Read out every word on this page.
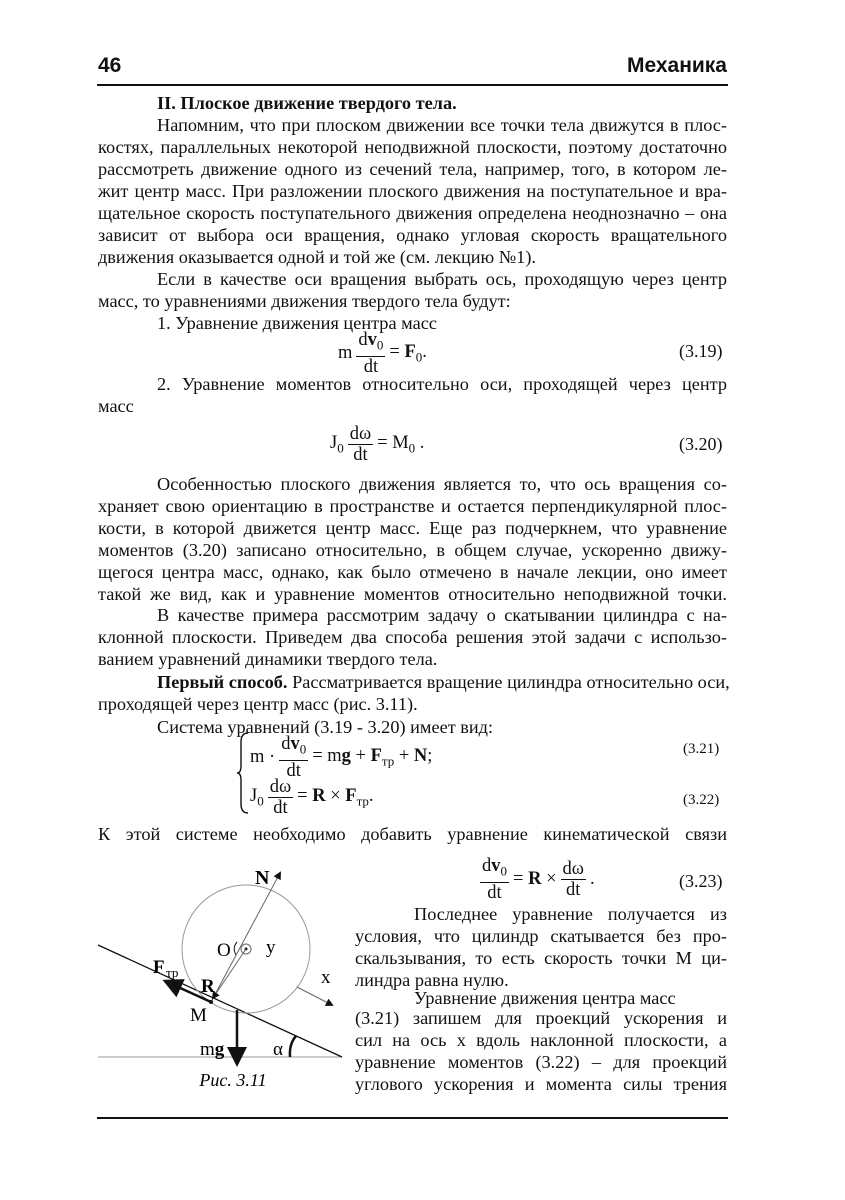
46	Механика
II. Плоское движение твердого тела.
Напомним, что при плоском движении все точки тела движутся в плос-
костях, параллельных некоторой неподвижной плоскости, поэтому достаточно
рассмотреть движение одного из сечений тела, например, того, в котором ле-
жит центр масс. При разложении плоского движения на поступательное и вра-
щательное скорость поступательного движения определена неоднозначно – она
зависит от выбора оси вращения, однако угловая скорость вращательного
движения оказывается одной и той же (см. лекцию №1).
Если в качестве оси вращения выбрать ось, проходящую через центр
масс, то уравнениями движения твердого тела будут:
1. Уравнение движения центра масс
2. Уравнение моментов относительно оси, проходящей через центр
масс
Особенностью плоского движения является то, что ось вращения со-
храняет свою ориентацию в пространстве и остается перпендикулярной плос-
кости, в которой движется центр масс. Еще раз подчеркнем, что уравнение
моментов (3.20) записано относительно, в общем случае, ускоренно движу-
щегося центра масс, однако, как было отмечено в начале лекции, оно имеет
такой же вид, как и уравнение моментов относительно неподвижной точки.
В качестве примера рассмотрим задачу о скатывании цилиндра с на-
клонной плоскости. Приведем два способа решения этой задачи с использо-
ванием уравнений динамики твердого тела.
Первый способ. Рассматривается вращение цилиндра относительно оси,
проходящей через центр масс (рис. 3.11).
Система уравнений (3.19 - 3.20) имеет вид:
К этой системе необходимо добавить уравнение кинематической связи
Последнее уравнение получается из
условия, что цилиндр скатывается без про-
скальзывания, то есть скорость точки М ци-
линдра равна нулю.
Уравнение движения центра масс
(3.21) запишем для проекций ускорения и
сил на ось x вдоль наклонной плоскости, а
уравнение моментов (3.22) – для проекций
углового ускорения и момента силы трения
m $\frac{dv_0}{dt} = F_0$.	(3.19)
$J_0 \frac{d\omega}{dt} = M_0$ .	(3.20)
$m \cdot \frac{dv_0}{dt}$ = mg + $F_{тр} + N$;	(3.21)
$J_0 \frac{d\omega}{dt} = R \times F_{тр}$.	(3.22)
$\frac{dv_0}{dt} = R \times \frac{d\omega}{dt}$ .	(3.23)
N
O y
F тр
R	x
M
mg	α
Рис. 3.11
